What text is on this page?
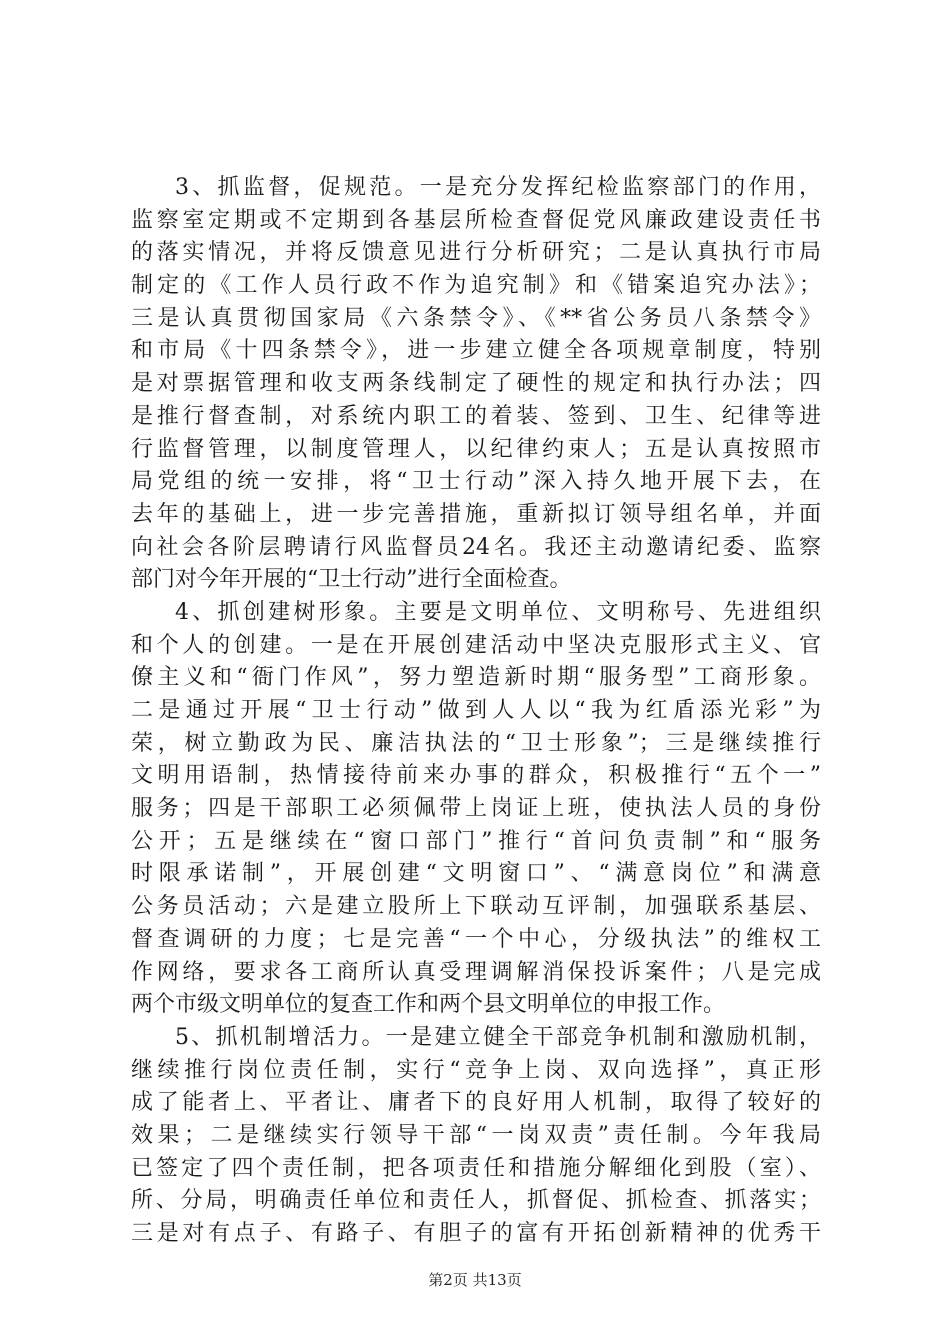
3、抓监督，促规范。一是充分发挥纪检监察部门的作用，
监察室定期或不定期到各基层所检查督促党风廉政建设责任书
的落实情况，并将反馈意见进行分析研究；二是认真执行市局
制定的《工作人员行政不作为追究制》和《错案追究办法》；
三是认真贯彻国家局《六条禁令》、《**省公务员八条禁令》
和市局《十四条禁令》，进一步建立健全各项规章制度，特别
是对票据管理和收支两条线制定了硬性的规定和执行办法；四
是推行督查制，对系统内职工的着装、签到、卫生、纪律等进
行监督管理，以制度管理人，以纪律约束人；五是认真按照市
局党组的统一安排，将“卫士行动”深入持久地开展下去，在
去年的基础上，进一步完善措施，重新拟订领导组名单，并面
向社会各阶层聘请行风监督员24名。我还主动邀请纪委、监察
部门对今年开展的“卫士行动”进行全面检查。
4、抓创建树形象。主要是文明单位、文明称号、先进组织
和个人的创建。一是在开展创建活动中坚决克服形式主义、官
僚主义和“衙门作风”，努力塑造新时期“服务型”工商形象。
二是通过开展“卫士行动”做到人人以“我为红盾添光彩”为
荣，树立勤政为民、廉洁执法的“卫士形象”；三是继续推行
文明用语制，热情接待前来办事的群众，积极推行“五个一”
服务；四是干部职工必须佩带上岗证上班，使执法人员的身份
公开；五是继续在“窗口部门”推行“首问负责制”和“服务
时限承诺制”，开展创建“文明窗口”、“满意岗位”和满意
公务员活动；六是建立股所上下联动互评制，加强联系基层、
督查调研的力度；七是完善“一个中心，分级执法”的维权工
作网络，要求各工商所认真受理调解消保投诉案件；八是完成
两个市级文明单位的复查工作和两个县文明单位的申报工作。
5、抓机制增活力。一是建立健全干部竞争机制和激励机制，
继续推行岗位责任制，实行“竞争上岗、双向选择”，真正形
成了能者上、平者让、庸者下的良好用人机制，取得了较好的
效果；二是继续实行领导干部“一岗双责”责任制。今年我局
已签定了四个责任制，把各项责任和措施分解细化到股（室）、
所、分局，明确责任单位和责任人，抓督促、抓检查、抓落实；
三是对有点子、有路子、有胆子的富有开拓创新精神的优秀干
第2页 共13页
